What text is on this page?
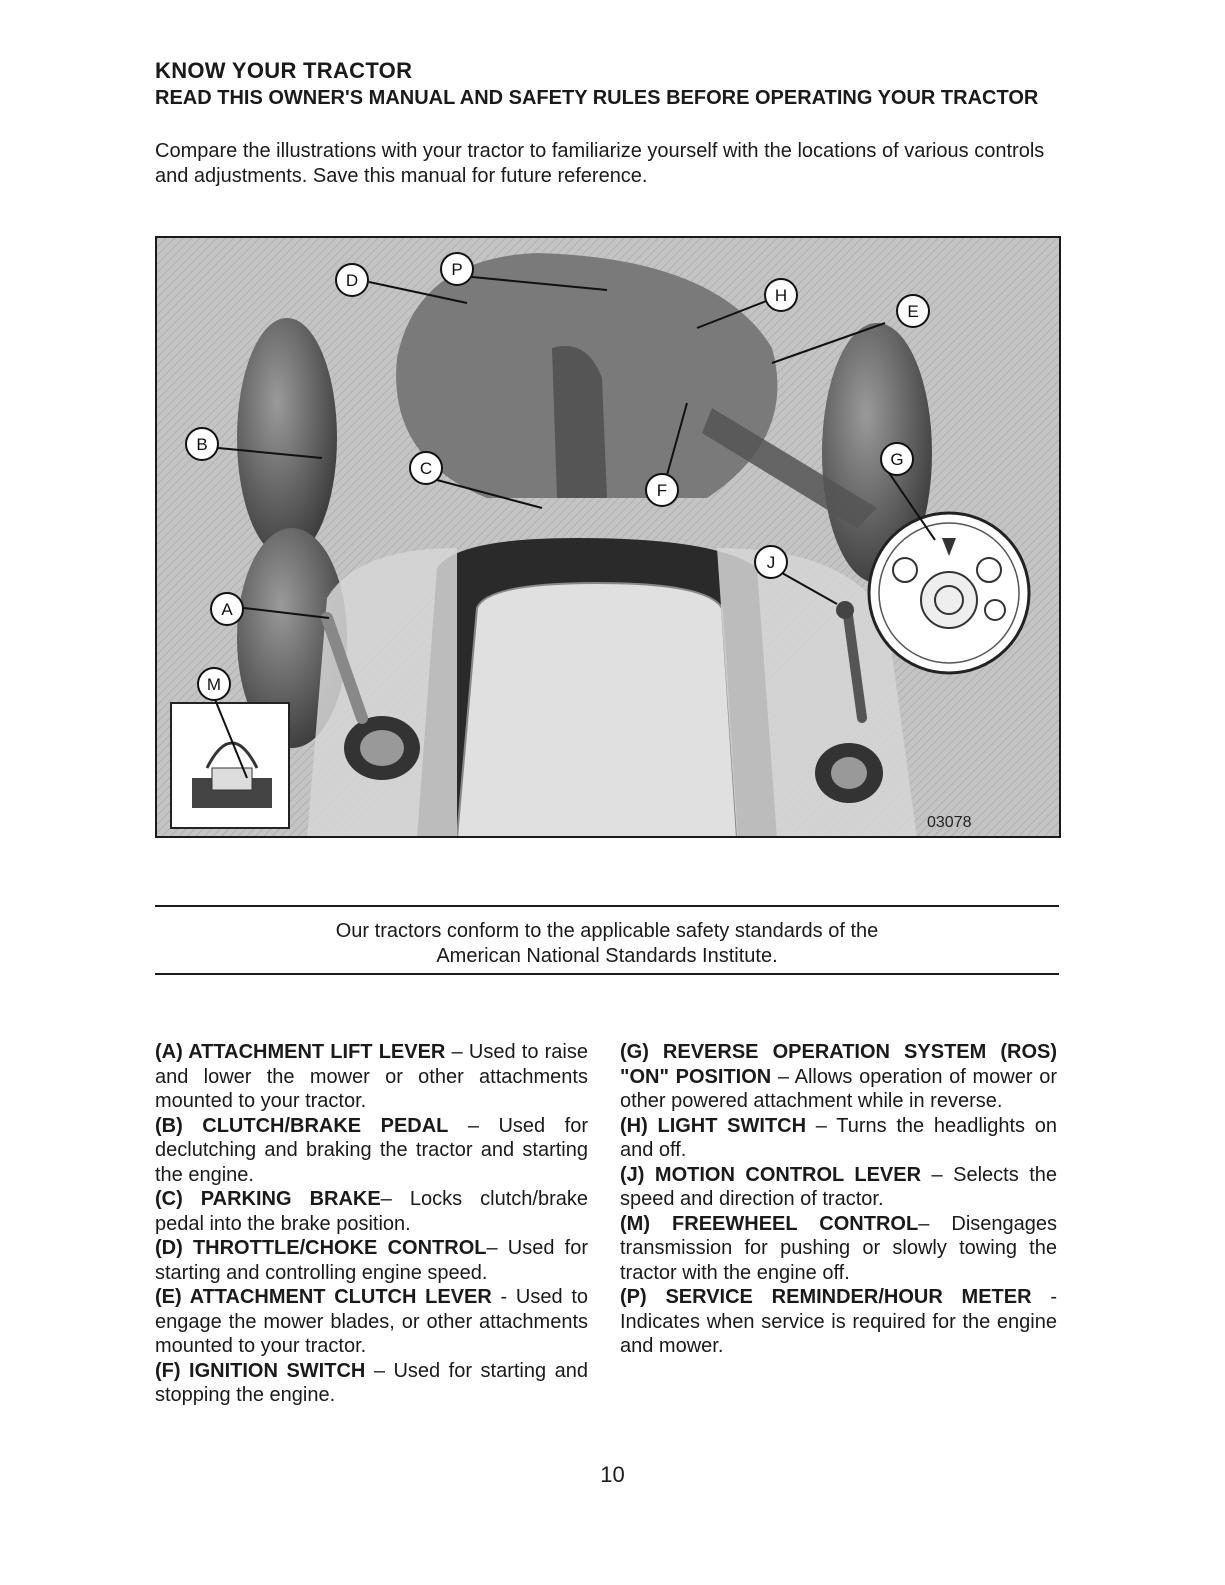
KNOW YOUR TRACTOR
READ THIS OWNER'S MANUAL AND SAFETY RULES BEFORE OPERATING YOUR TRACTOR
Compare the illustrations with your tractor to familiarize yourself with the locations of various controls and adjustments. Save this manual for future reference.
D
P
H
E
B
C	G
F
J
A
M
03078
Our tractors conform to the applicable safety standards of the
American National Standards Institute.
(A) ATTACHMENT LIFT LEVER – Used to raise and lower the mower or other attachments mounted to your tractor.
(B) CLUTCH/BRAKE PEDAL – Used for declutching and braking the tractor and starting the engine.
(C) PARKING BRAKE– Locks clutch/brake pedal into the brake position.
(D) THROTTLE/CHOKE CONTROL– Used for starting and controlling engine speed.
(E) ATTACHMENT CLUTCH LEVER - Used to engage the mower blades, or other attachments mounted to your tractor.
(F) IGNITION SWITCH – Used for starting and stopping the engine.
(G) REVERSE OPERATION SYSTEM (ROS) "ON" POSITION – Allows operation of mower or other powered attachment while in reverse.
(H) LIGHT SWITCH – Turns the headlights on and off.
(J) MOTION CONTROL LEVER – Selects the speed and direction of tractor.
(M) FREEWHEEL CONTROL– Disengages transmission for pushing or slowly towing the tractor with the engine off.
(P) SERVICE REMINDER/HOUR METER - Indicates when service is required for the engine and mower.
10
